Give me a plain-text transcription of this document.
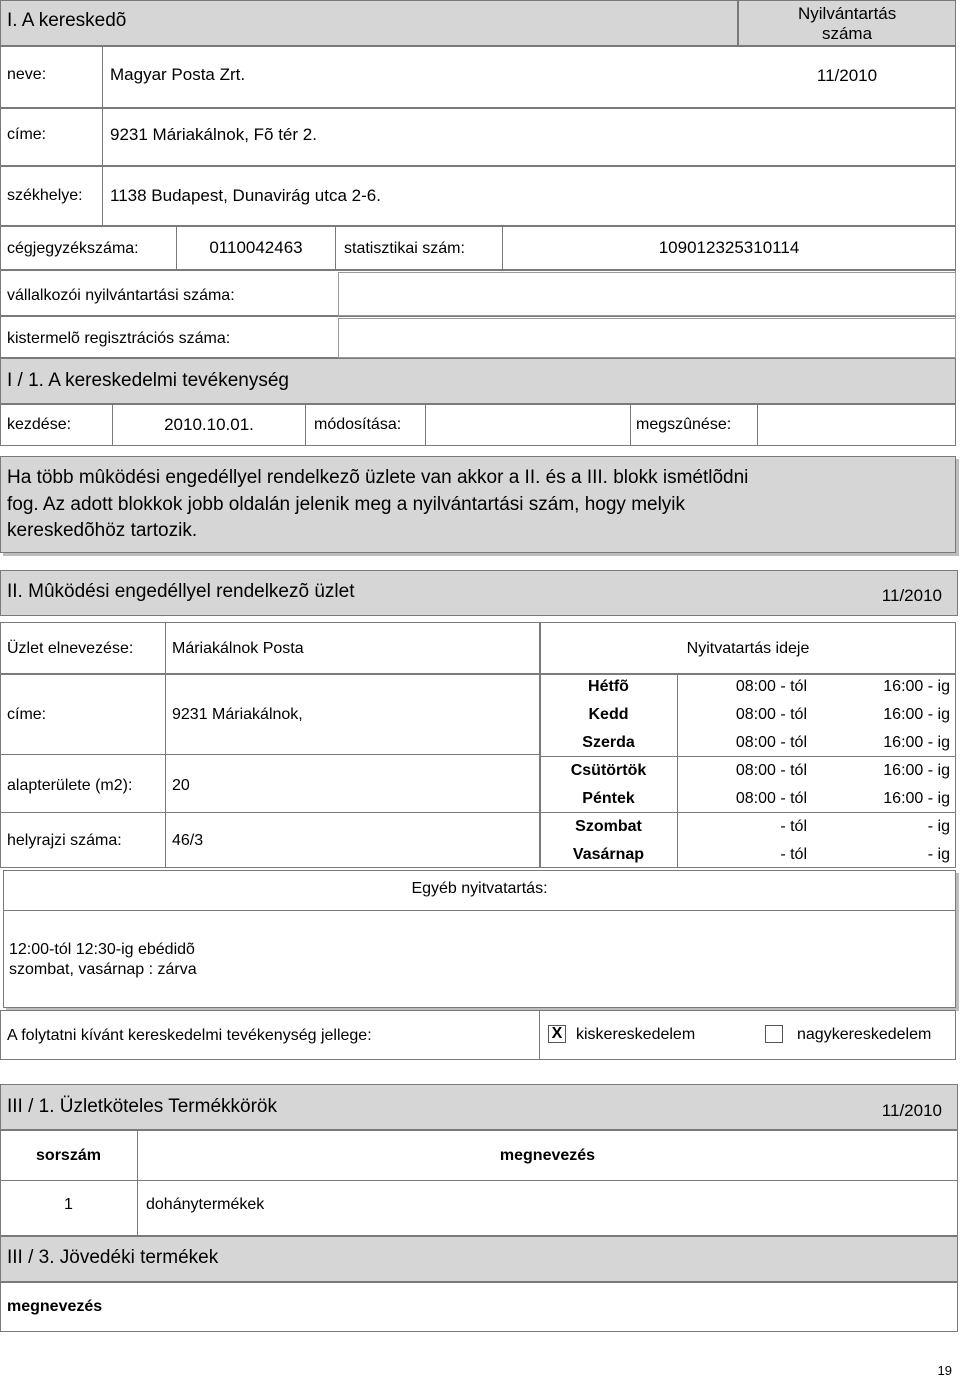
I. A kereskedõ	Nyilvántartás száma
neve:	Magyar Posta Zrt.	11/2010
címe:	9231 Máriakálnok, Fõ tér 2.
székhelye: 1138 Budapest, Dunavirág utca 2-6.
cégjegyzékszáma:	0110042463	statisztikai szám:	109012325310114
vállalkozói nyilvántartási száma:
kistermelõ regisztrációs száma:
I / 1. A kereskedelmi tevékenység
kezdése:	2010.10.01.	módosítása:	megszûnése:
Ha több mûködési engedéllyel rendelkezõ üzlete van akkor a II. és a III. blokk ismétlõdni
fog. Az adott blokkok jobb oldalán jelenik meg a nyilvántartási szám, hogy melyik
kereskedõhöz tartozik.
II. Mûködési engedéllyel rendelkezõ üzlet	11/2010
Üzlet elnevezése: Máriakálnok Posta	Nyitvatartás ideje
címe:	9231 Máriakálnok,
alapterülete (m2): 20
helyrajzi száma:	46/3
Hétfõ	08:00 - tól	16:00 - ig
Kedd	08:00 - tól	16:00 - ig
Szerda	08:00 - tól	16:00 - ig
Csütörtök	08:00 - tól	16:00 - ig
Péntek	08:00 - tól	16:00 - ig
Szombat	- tól	- ig
Vasárnap	- tól	- ig
Egyéb nyitvatartás:
12:00-tól 12:30-ig ebédidõ
szombat, vasárnap : zárva
A folytatni kívánt kereskedelmi tevékenység jellege:	X kiskereskedelem	nagykereskedelem
III / 1. Üzletköteles Termékkörök	11/2010
sorszám	megnevezés
1	dohánytermékek
III / 3. Jövedéki termékek
megnevezés
19
